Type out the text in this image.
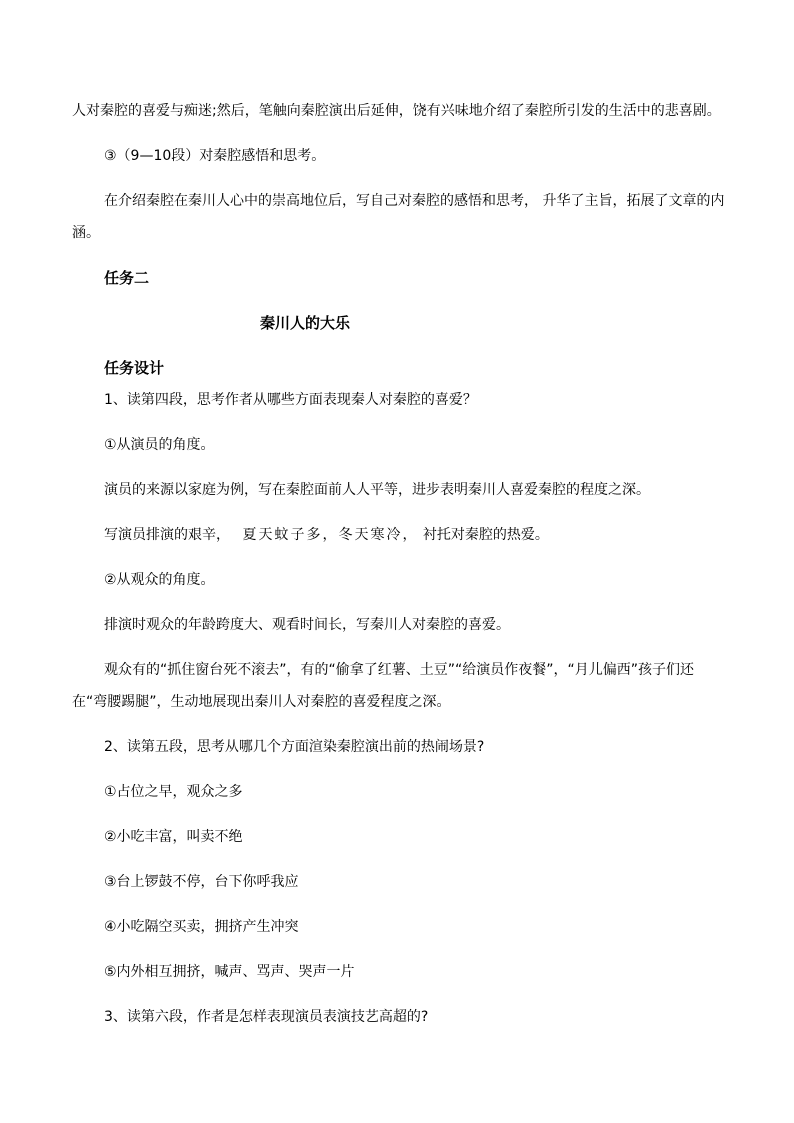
人对秦腔的喜爱与痴迷;然后，笔触向秦腔演出后延伸，饶有兴味地介绍了秦腔所引发的生活中的悲喜剧。
③（9—10段）对秦腔感悟和思考。
在介绍秦腔在秦川人心中的崇高地位后，写自己对秦腔的感悟和思考， 升华了主旨，拓展了文章的内
涵。
任务二
秦川人的大乐
任务设计
1、读第四段，思考作者从哪些方面表现秦人对秦腔的喜爱？
①从演员的角度。
演员的来源以家庭为例，写在秦腔面前人人平等，进步表明秦川人喜爱秦腔的程度之深。
写演员排演的艰辛， 夏天蚊子多，冬天寒冷， 衬托对秦腔的热爱。
②从观众的角度。
排演时观众的年龄跨度大、观看时间长，写秦川人对秦腔的喜爱。
观众有的“抓住窗台死不滚去”，有的“偷拿了红薯、土豆”“给演员作夜餐”，“月儿偏西”孩子们还
在“弯腰踢腿”，生动地展现出秦川人对秦腔的喜爱程度之深。
2、读第五段，思考从哪几个方面渲染秦腔演出前的热闹场景?
①占位之早，观众之多
②小吃丰富，叫卖不绝
③台上锣鼓不停，台下你呼我应
④小吃隔空买卖，拥挤产生冲突
⑤内外相互拥挤，喊声、骂声、哭声一片
3、读第六段，作者是怎样表现演员表演技艺高超的?
